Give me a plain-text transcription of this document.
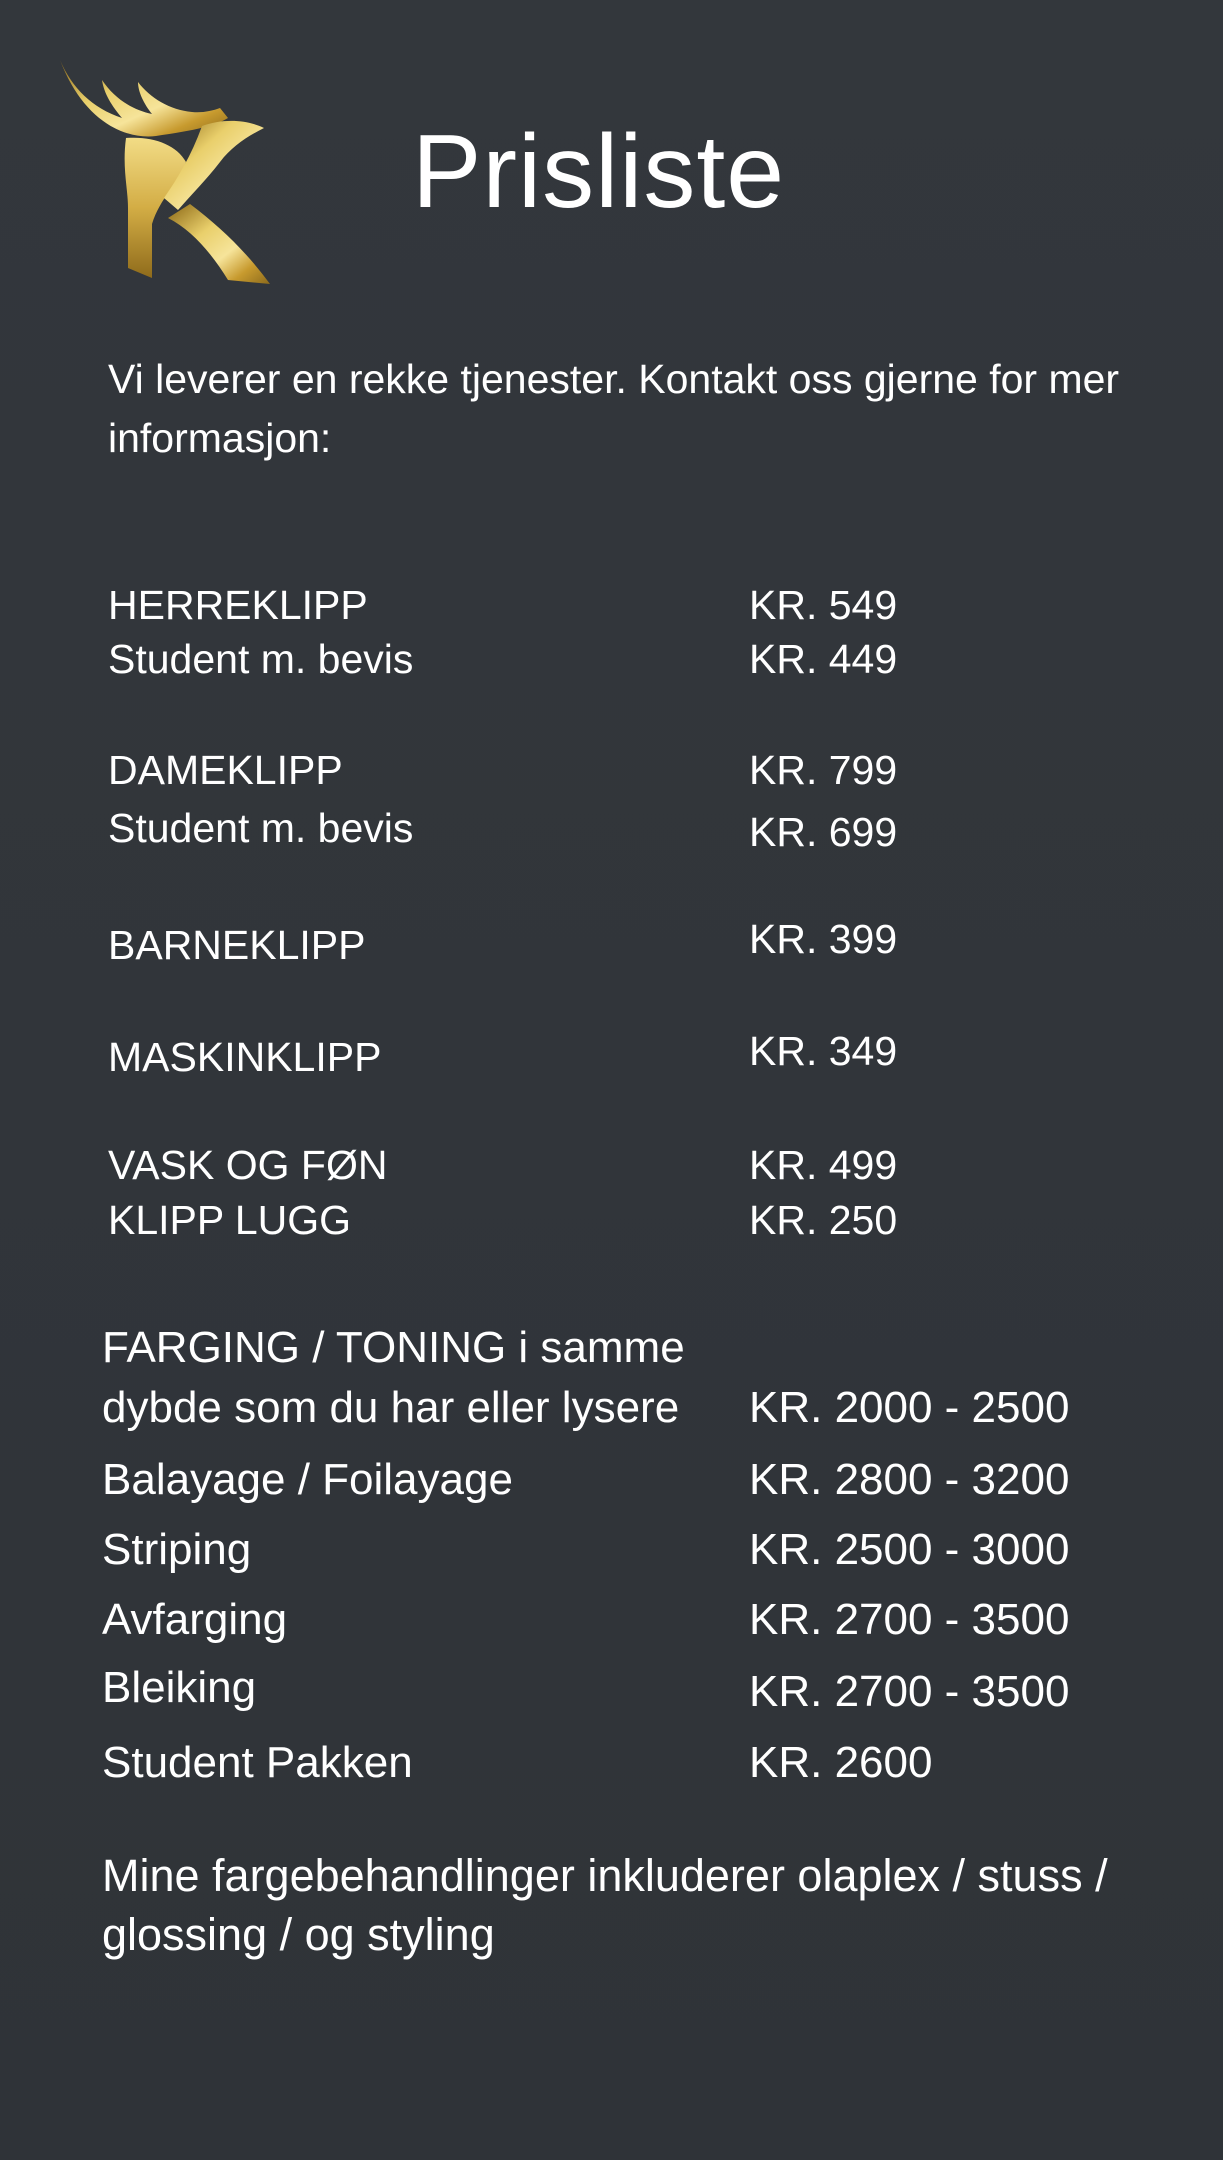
Prisliste
Vi leverer en rekke tjenester. Kontakt oss gjerne for mer informasjon:
HERREKLIPP	KR. 549
Student m. bevis	KR. 449
DAMEKLIPP	KR. 799
Student m. bevis	KR. 699
BARNEKLIPP	KR. 399
MASKINKLIPP	KR. 349
VASK OG FØN	KR. 499
KLIPP LUGG	KR. 250
FARGING / TONING i samme
dybde som du har eller lysere KR. 2000 - 2500
Balayage / Foilayage	KR. 2800 - 3200
Striping	KR. 2500 - 3000
Avfarging	KR. 2700 - 3500
Bleiking	KR. 2700 - 3500
Student Pakken	KR. 2600
Mine fargebehandlinger inkluderer olaplex / stuss / glossing / og styling
